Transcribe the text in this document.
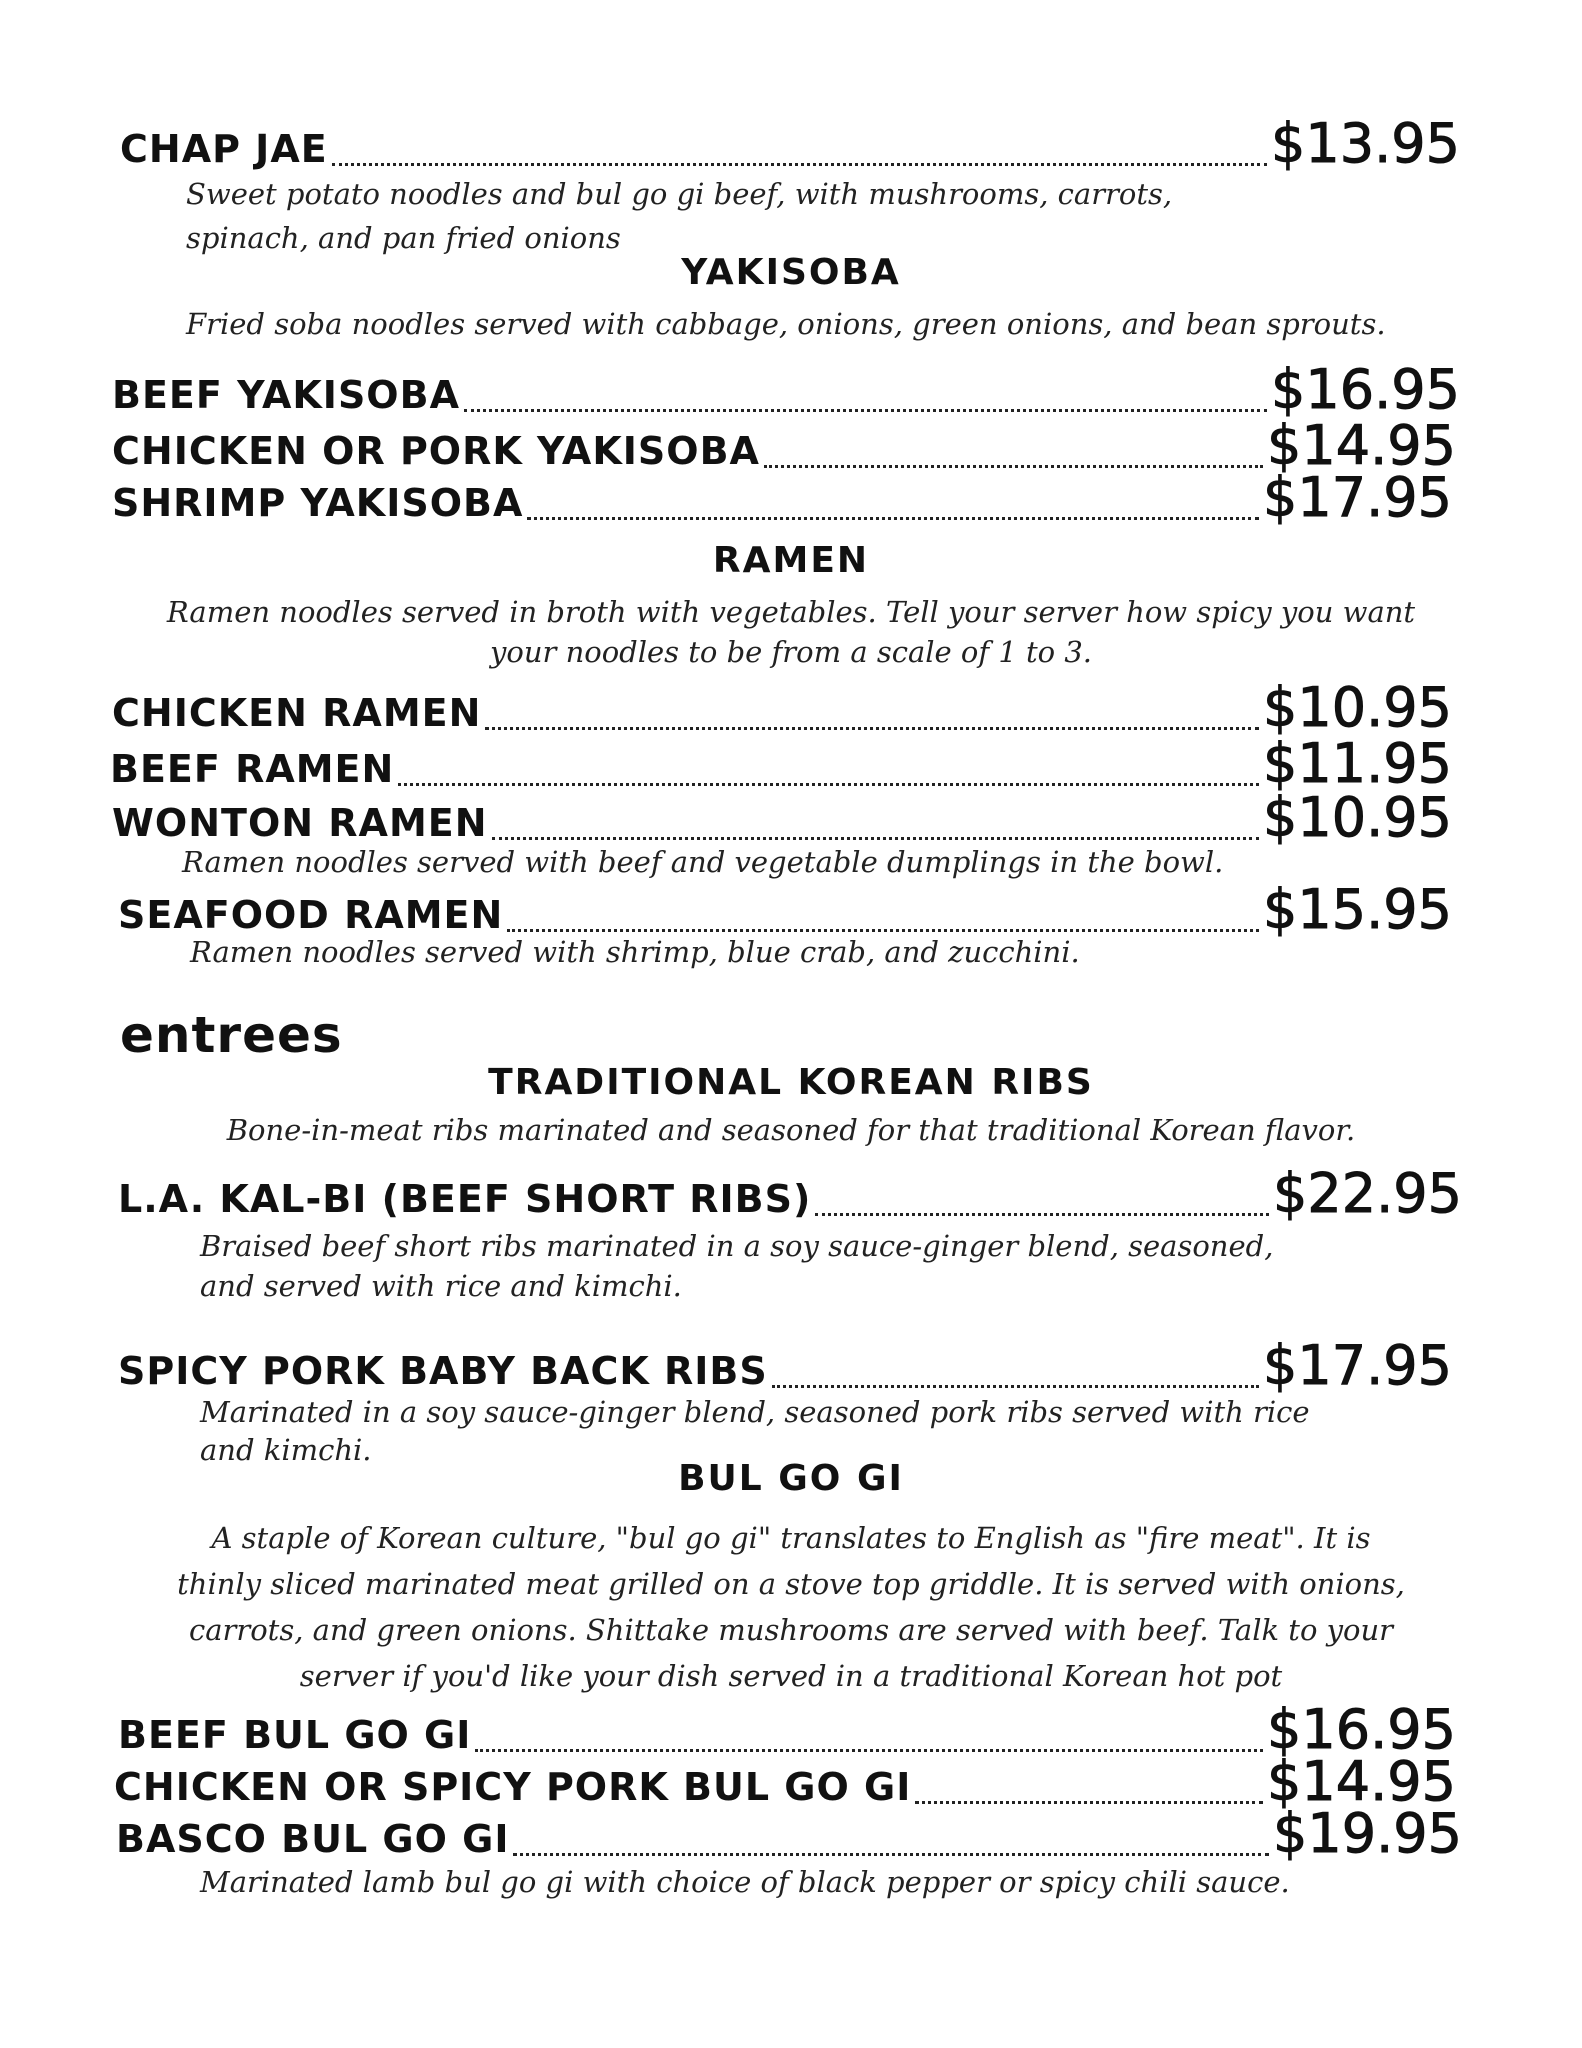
CHAP JAE	$13.95
Sweet potato noodles and bul go gi beef, with mushrooms, carrots,
spinach, and pan fried onions
YAKISOBA
Fried soba noodles served with cabbage, onions, green onions, and bean sprouts.
BEEF YAKISOBA	$16.95
CHICKEN OR PORK YAKISOBA	$14.95
SHRIMP YAKISOBA	$17.95
RAMEN
Ramen noodles served in broth with vegetables. Tell your server how spicy you want
your noodles to be from a scale of 1 to 3.
CHICKEN RAMEN	$10.95
BEEF RAMEN	$11.95
WONTON RAMEN	$10.95
Ramen noodles served with beef and vegetable dumplings in the bowl.
SEAFOOD RAMEN	$15.95
Ramen noodles served with shrimp, blue crab, and zucchini.
entrees
TRADITIONAL KOREAN RIBS
Bone-in-meat ribs marinated and seasoned for that traditional Korean flavor.
L.A. KAL-BI (BEEF SHORT RIBS)	$22.95
Braised beef short ribs marinated in a soy sauce-ginger blend, seasoned,
and served with rice and kimchi.
SPICY PORK BABY BACK RIBS	$17.95
Marinated in a soy sauce-ginger blend, seasoned pork ribs served with rice
and kimchi.
BUL GO GI
A staple of Korean culture, "bul go gi" translates to English as "fire meat". It is
thinly sliced marinated meat grilled on a stove top griddle. It is served with onions,
carrots, and green onions. Shittake mushrooms are served with beef. Talk to your
server if you'd like your dish served in a traditional Korean hot pot
BEEF BUL GO GI	$16.95
CHICKEN OR SPICY PORK BUL GO GI	$14.95
BASCO BUL GO GI	$19.95
Marinated lamb bul go gi with choice of black pepper or spicy chili sauce.
